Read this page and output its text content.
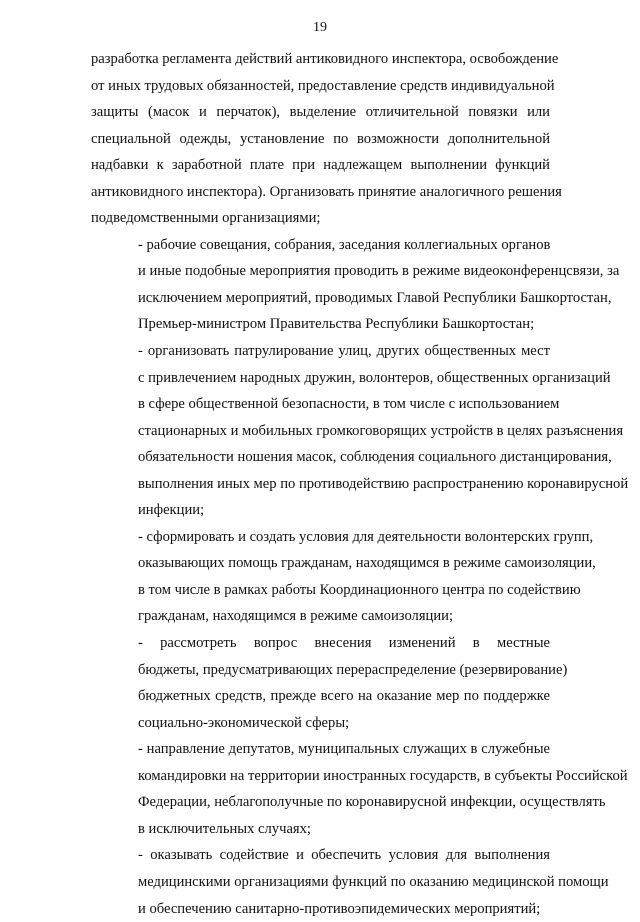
19
разработка регламента действий антиковидного инспектора, освобождение
от иных трудовых обязанностей, предоставление средств индивидуальной
защиты (масок и перчаток), выделение отличительной повязки или
специальной одежды, установление по возможности дополнительной
надбавки к заработной плате при надлежащем выполнении функций
антиковидного инспектора). Организовать принятие аналогичного решения
подведомственными организациями;
- рабочие совещания, собрания, заседания коллегиальных органов
и иные подобные мероприятия проводить в режиме видеоконференцсвязи, за
исключением мероприятий, проводимых Главой Республики Башкортостан,
Премьер-министром Правительства Республики Башкортостан;
- организовать патрулирование улиц, других общественных мест
с привлечением народных дружин, волонтеров, общественных организаций
в сфере общественной безопасности, в том числе с использованием
стационарных и мобильных громкоговорящих устройств в целях разъяснения
обязательности ношения масок, соблюдения социального дистанцирования,
выполнения иных мер по противодействию распространению коронавирусной
инфекции;
- сформировать и создать условия для деятельности волонтерских групп,
оказывающих помощь гражданам, находящимся в режиме самоизоляции,
в том числе в рамках работы Координационного центра по содействию
гражданам, находящимся в режиме самоизоляции;
- рассмотреть вопрос внесения изменений в местные
бюджеты, предусматривающих перераспределение (резервирование)
бюджетных средств, прежде всего на оказание мер по поддержке
социально-экономической сферы;
- направление депутатов, муниципальных служащих в служебные
командировки на территории иностранных государств, в субъекты Российской
Федерации, неблагополучные по коронавирусной инфекции, осуществлять
в исключительных случаях;
- оказывать содействие и обеспечить условия для выполнения
медицинскими организациями функций по оказанию медицинской помощи
и обеспечению санитарно-противоэпидемических мероприятий;
